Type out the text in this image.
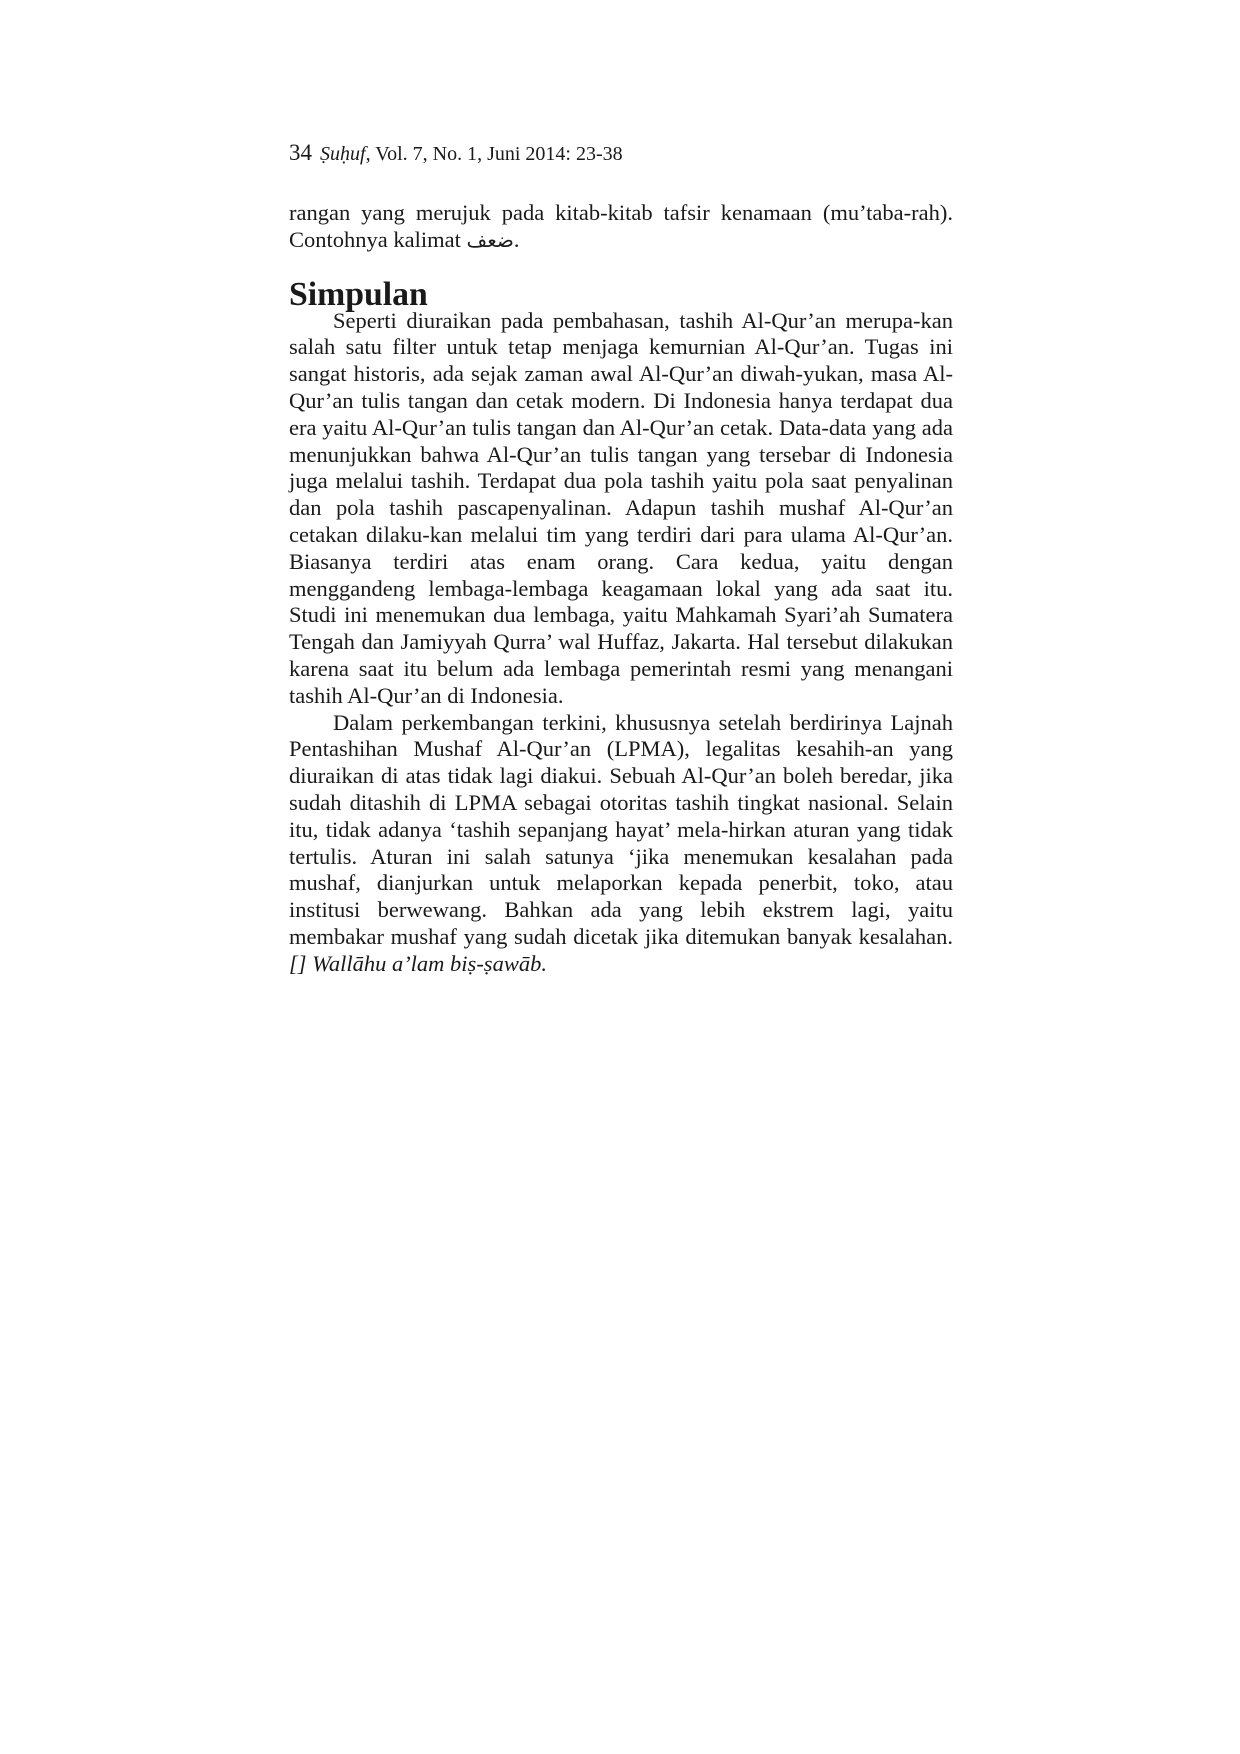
34 Ṣuḥuf, Vol. 7, No. 1, Juni 2014: 23-38

rangan yang merujuk pada kitab-kitab tafsir kenamaan (mu’taba-rah). Contohnya kalimat ضعف.

Simpulan

Seperti diuraikan pada pembahasan, tashih Al-Qur’an merupa-kan salah satu filter untuk tetap menjaga kemurnian Al-Qur’an. Tugas ini sangat historis, ada sejak zaman awal Al-Qur’an diwah-yukan, masa Al-Qur’an tulis tangan dan cetak modern. Di Indonesia hanya terdapat dua era yaitu Al-Qur’an tulis tangan dan Al-Qur’an cetak. Data-data yang ada menunjukkan bahwa Al-Qur’an tulis tangan yang tersebar di Indonesia juga melalui tashih. Terdapat dua pola tashih yaitu pola saat penyalinan dan pola tashih pascapenyalinan. Adapun tashih mushaf Al-Qur’an cetakan dilaku-kan melalui tim yang terdiri dari para ulama Al-Qur’an. Biasanya terdiri atas enam orang. Cara kedua, yaitu dengan menggandeng lembaga-lembaga keagamaan lokal yang ada saat itu. Studi ini menemukan dua lembaga, yaitu Mahkamah Syari’ah Sumatera Tengah dan Jamiyyah Qurra’ wal Huffaz, Jakarta. Hal tersebut dilakukan karena saat itu belum ada lembaga pemerintah resmi yang menangani tashih Al-Qur’an di Indonesia.

Dalam perkembangan terkini, khususnya setelah berdirinya Lajnah Pentashihan Mushaf Al-Qur’an (LPMA), legalitas kesahih-an yang diuraikan di atas tidak lagi diakui. Sebuah Al-Qur’an boleh beredar, jika sudah ditashih di LPMA sebagai otoritas tashih tingkat nasional. Selain itu, tidak adanya ‘tashih sepanjang hayat’ mela-hirkan aturan yang tidak tertulis. Aturan ini salah satunya ‘jika menemukan kesalahan pada mushaf, dianjurkan untuk melaporkan kepada penerbit, toko, atau institusi berwewang. Bahkan ada yang lebih ekstrem lagi, yaitu membakar mushaf yang sudah dicetak jika ditemukan banyak kesalahan.[] Wallāhu a’lam biṣ-ṣawāb.
